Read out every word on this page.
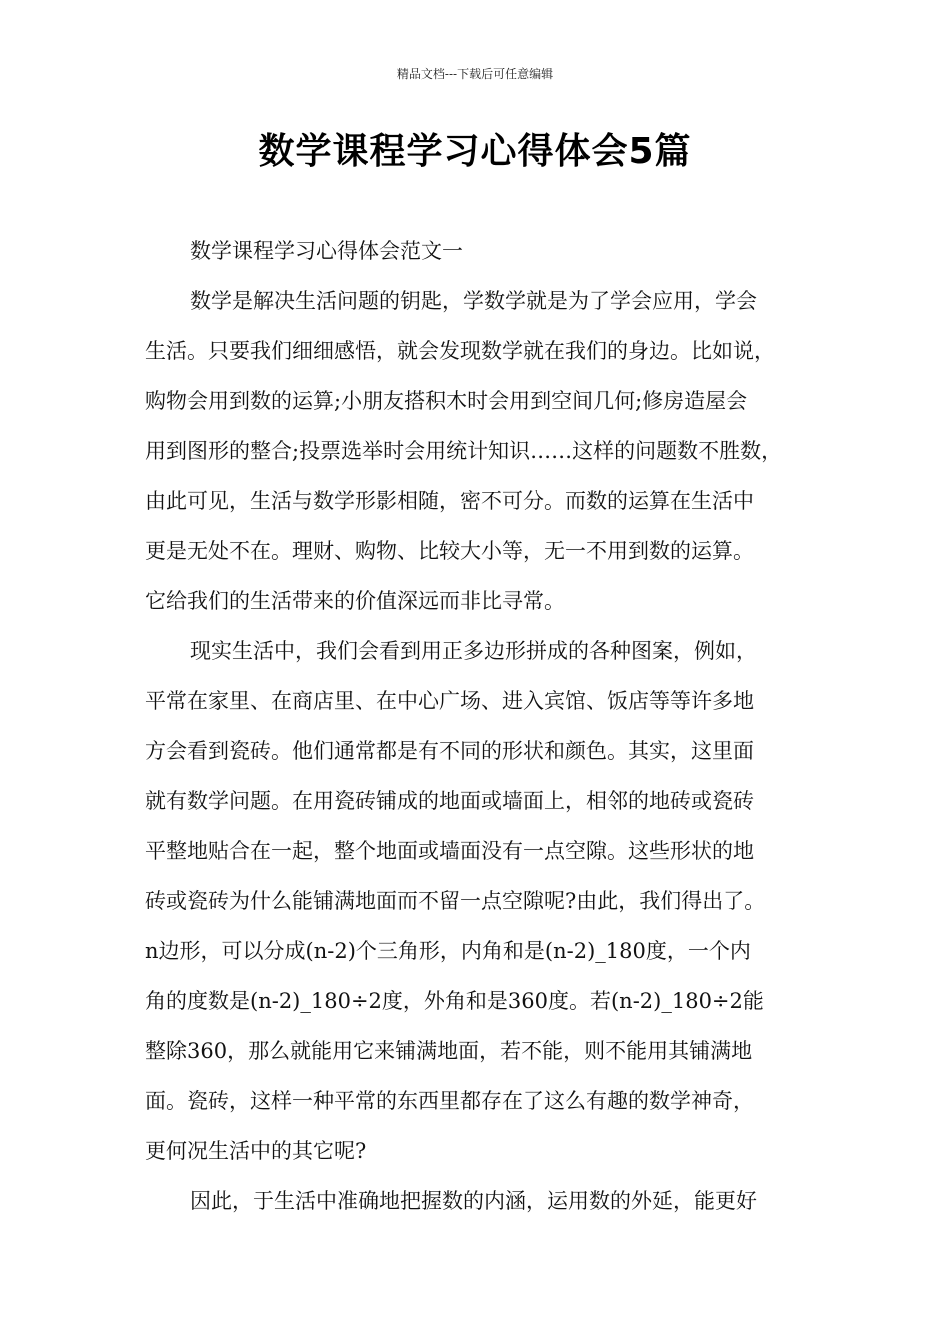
精品文档---下载后可任意编辑
数学课程学习心得体会5篇
数学课程学习心得体会范文一
数学是解决生活问题的钥匙，学数学就是为了学会应用，学会
生活。只要我们细细感悟，就会发现数学就在我们的身边。比如说，
购物会用到数的运算;小朋友搭积木时会用到空间几何;修房造屋会
用到图形的整合;投票选举时会用统计知识……这样的问题数不胜数，
由此可见，生活与数学形影相随，密不可分。而数的运算在生活中
更是无处不在。理财、购物、比较大小等，无一不用到数的运算。
它给我们的生活带来的价值深远而非比寻常。
现实生活中，我们会看到用正多边形拼成的各种图案，例如，
平常在家里、在商店里、在中心广场、进入宾馆、饭店等等许多地
方会看到瓷砖。他们通常都是有不同的形状和颜色。其实，这里面
就有数学问题。在用瓷砖铺成的地面或墙面上，相邻的地砖或瓷砖
平整地贴合在一起，整个地面或墙面没有一点空隙。这些形状的地
砖或瓷砖为什么能铺满地面而不留一点空隙呢?由此，我们得出了。
n边形，可以分成(n-2)个三角形，内角和是(n-2)_180度，一个内
角的度数是(n-2)_180÷2度，外角和是360度。若(n-2)_180÷2能
整除360，那么就能用它来铺满地面，若不能，则不能用其铺满地
面。瓷砖，这样一种平常的东西里都存在了这么有趣的数学神奇，
更何况生活中的其它呢?
因此，于生活中准确地把握数的内涵，运用数的外延，能更好
